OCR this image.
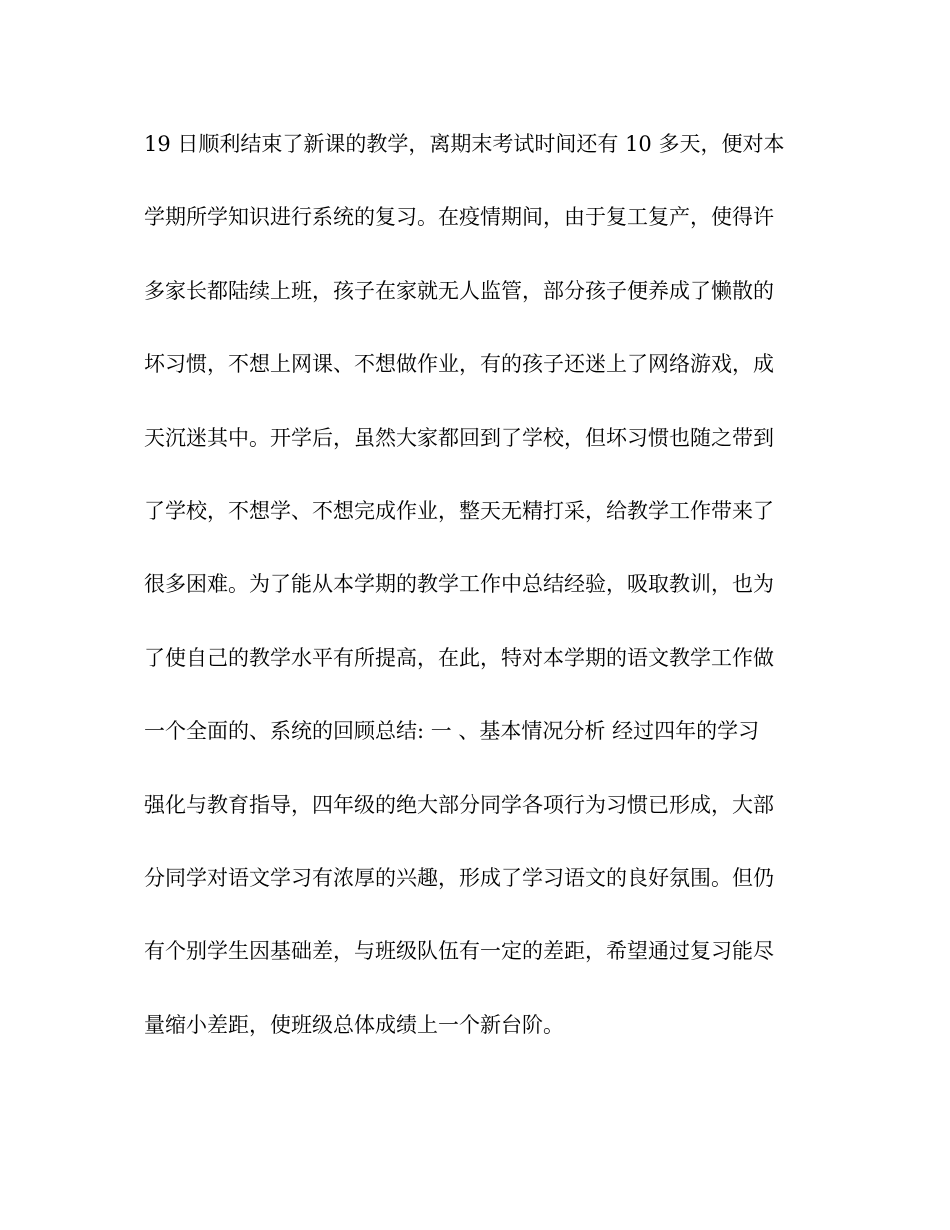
19 日顺利结束了新课的教学，离期末考试时间还有 10 多天，便对本

学期所学知识进行系统的复习。在疫情期间，由于复工复产，使得许

多家长都陆续上班，孩子在家就无人监管，部分孩子便养成了懒散的

坏习惯，不想上网课、不想做作业，有的孩子还迷上了网络游戏，成

天沉迷其中。开学后，虽然大家都回到了学校，但坏习惯也随之带到

了学校，不想学、不想完成作业，整天无精打采，给教学工作带来了

很多困难。为了能从本学期的教学工作中总结经验，吸取教训，也为

了使自己的教学水平有所提高，在此，特对本学期的语文教学工作做

一个全面的、系统的回顾总结: 一 、基本情况分析 经过四年的学习

强化与教育指导，四年级的绝大部分同学各项行为习惯已形成，大部

分同学对语文学习有浓厚的兴趣，形成了学习语文的良好氛围。但仍

有个别学生因基础差，与班级队伍有一定的差距，希望通过复习能尽

量缩小差距，使班级总体成绩上一个新台阶。
